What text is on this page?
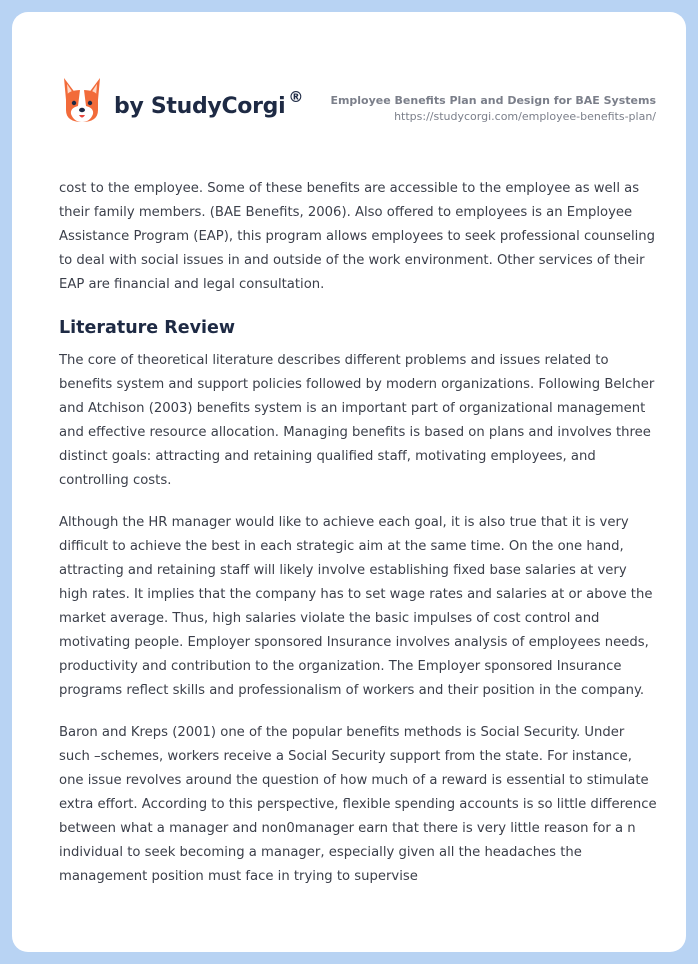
by StudyCorgi ® Employee Benefits Plan and Design for BAE Systems
https://studycorgi.com/employee-benefits-plan/

cost to the employee. Some of these benefits are accessible to the employee as well as their family members. (BAE Benefits, 2006). Also offered to employees is an Employee Assistance Program (EAP), this program allows employees to seek professional counseling to deal with social issues in and outside of the work environment. Other services of their EAP are financial and legal consultation.

Literature Review

The core of theoretical literature describes different problems and issues related to benefits system and support policies followed by modern organizations. Following Belcher and Atchison (2003) benefits system is an important part of organizational management and effective resource allocation. Managing benefits is based on plans and involves three distinct goals: attracting and retaining qualified staff, motivating employees, and controlling costs.

Although the HR manager would like to achieve each goal, it is also true that it is very difficult to achieve the best in each strategic aim at the same time. On the one hand, attracting and retaining staff will likely involve establishing fixed base salaries at very high rates. It implies that the company has to set wage rates and salaries at or above the market average. Thus, high salaries violate the basic impulses of cost control and motivating people. Employer sponsored Insurance involves analysis of employees needs, productivity and contribution to the organization. The Employer sponsored Insurance programs reflect skills and professionalism of workers and their position in the company.

Baron and Kreps (2001) one of the popular benefits methods is Social Security. Under such –schemes, workers receive a Social Security support from the state. For instance, one issue revolves around the question of how much of a reward is essential to stimulate extra effort. According to this perspective, flexible spending accounts is so little difference between what a manager and non0manager earn that there is very little reason for a n individual to seek becoming a manager, especially given all the headaches the management position must face in trying to supervise
